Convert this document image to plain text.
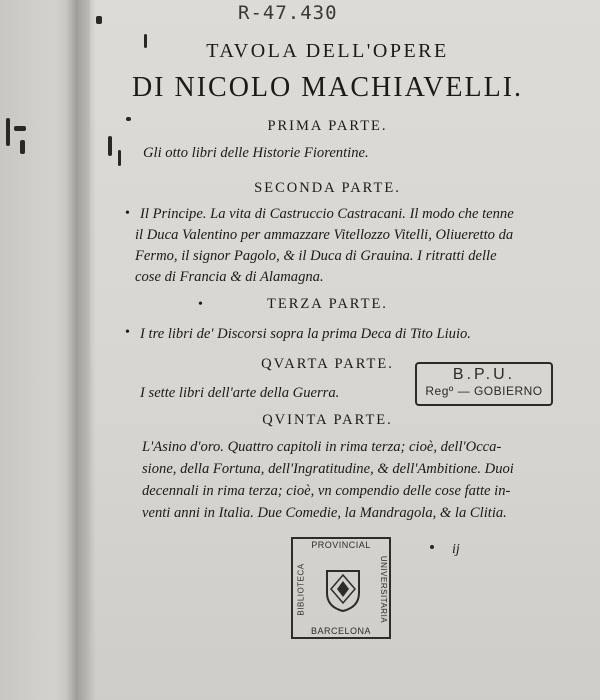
R-47.430
TAVOLA DELL'OPERE
DI NICOLO MACHIAVELLI.
PRIMA PARTE.
Gli otto libri delle Historie Fiorentine.
SECONDA PARTE.
• Il Principe. La vita di Castruccio Castracani. Il modo che tenne
il Duca Valentino per ammazzare Vitellozzo Vitelli, Oliueretto da
Fermo, il signor Pagolo, & il Duca di Grauina. I ritratti delle
cose di Francia & di Alamagna.
•	TERZA PARTE.
• I tre libri de' Discorsi sopra la prima Deca di Tito Liuio.
QVARTA PARTE.
I sette libri dell'arte della Guerra.
QVINTA PARTE.
L'Asino d'oro. Quattro capitoli in rima terza; cioè, dell'Occa-
sione, della Fortuna, dell'Ingratitudine, & dell'Ambitione. Duoi
decennali in rima terza; cioè, vn compendio delle cose fatte in-
venti anni in Italia. Due Comedie, la Mandragola, & la Clitia.
B.P.U.
Regº — GOBIERNO
PROVINCIAL
BIBLIOTECA	UNIVERSITARIA
BARCELONA
ij
